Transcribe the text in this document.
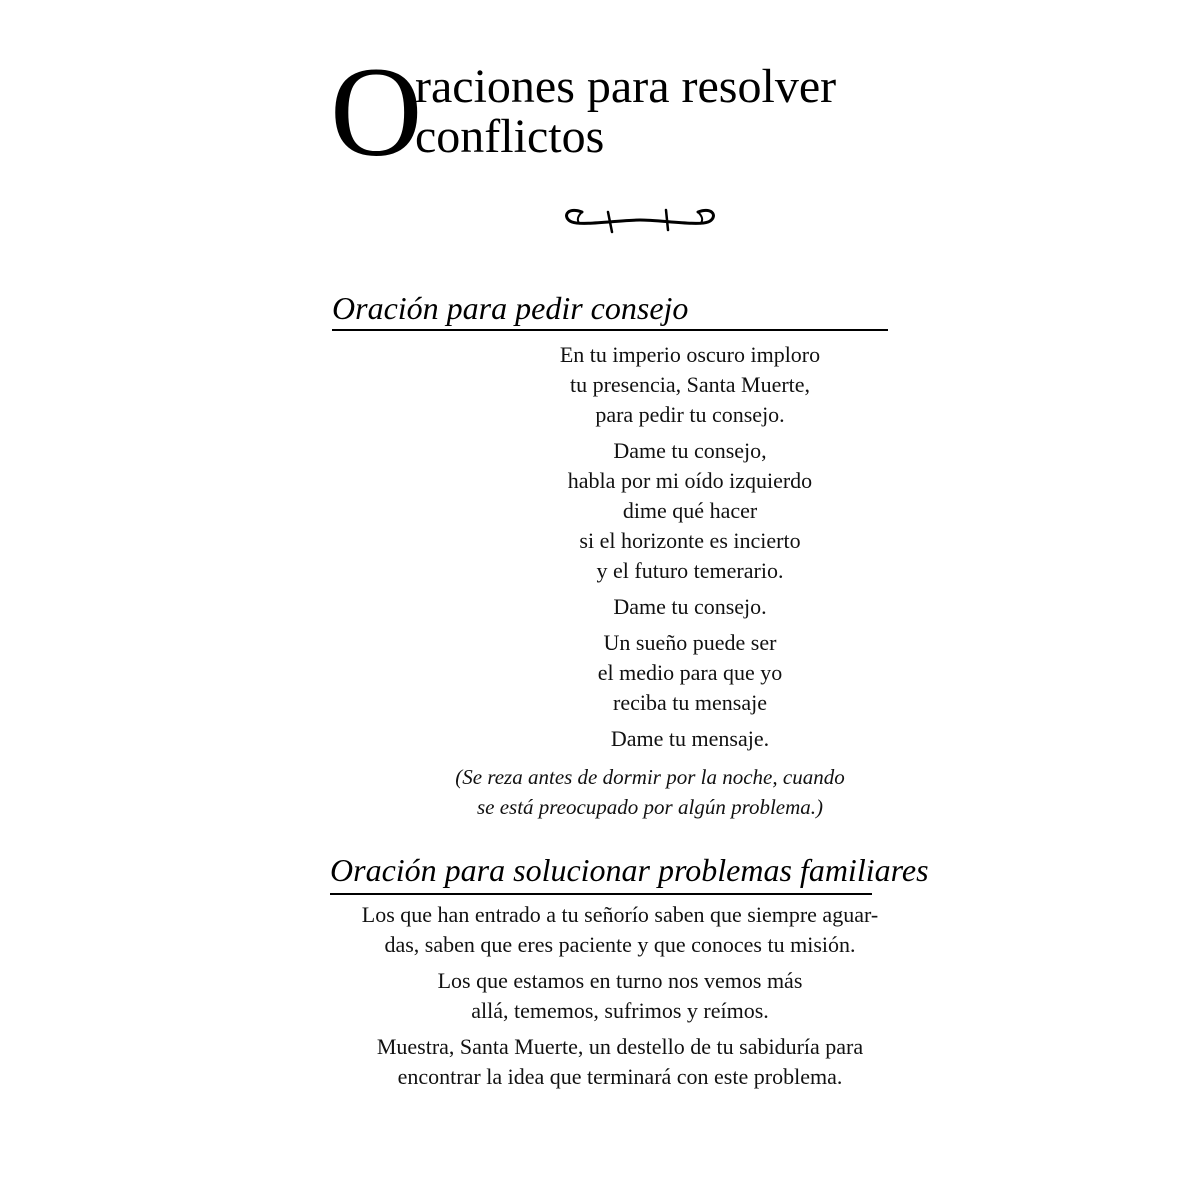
O
raciones para resolver
conflictos
Oración para pedir consejo
En tu imperio oscuro imploro
tu presencia, Santa Muerte,
para pedir tu consejo.
Dame tu consejo,
habla por mi oído izquierdo
dime qué hacer
si el horizonte es incierto
y el futuro temerario.
Dame tu consejo.
Un sueño puede ser
el medio para que yo
reciba tu mensaje
Dame tu mensaje.
(Se reza antes de dormir por la noche, cuando
se está preocupado por algún problema.)
Oración para solucionar problemas familiares
Los que han entrado a tu señorío saben que siempre aguar-
das, saben que eres paciente y que conoces tu misión.
Los que estamos en turno nos vemos más
allá, tememos, sufrimos y reímos.
Muestra, Santa Muerte, un destello de tu sabiduría para
encontrar la idea que terminará con este problema.
